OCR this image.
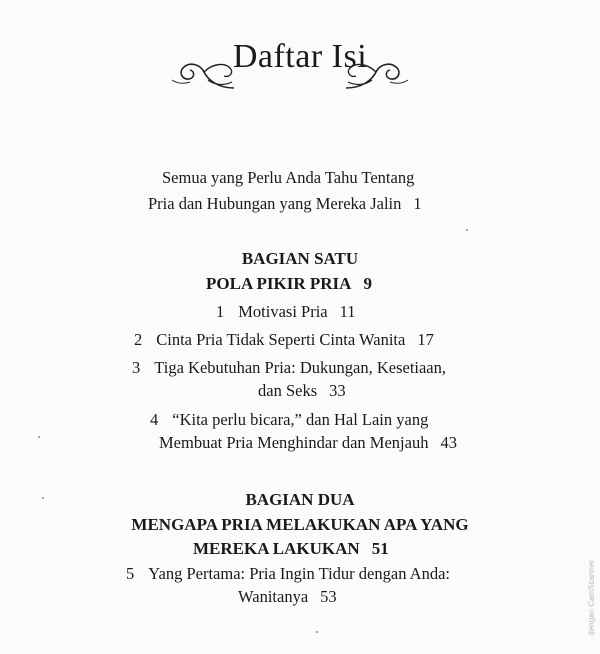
Daftar Isi
Semua yang Perlu Anda Tahu Tentang
Pria dan Hubungan yang Mereka Jalin 1
BAGIAN SATU
POLA PIKIR PRIA 9
1 Motivasi Pria 11
2 Cinta Pria Tidak Seperti Cinta Wanita 17
3 Tiga Kebutuhan Pria: Dukungan, Kesetiaan,
dan Seks 33
4 “Kita perlu bicara,” dan Hal Lain yang
Membuat Pria Menghindar dan Menjauh 43
BAGIAN DUA
MENGAPA PRIA MELAKUKAN APA YANG
MEREKA LAKUKAN 51
5 Yang Pertama: Pria Ingin Tidur dengan Anda:
Wanitanya 53	dengan CamScanner
